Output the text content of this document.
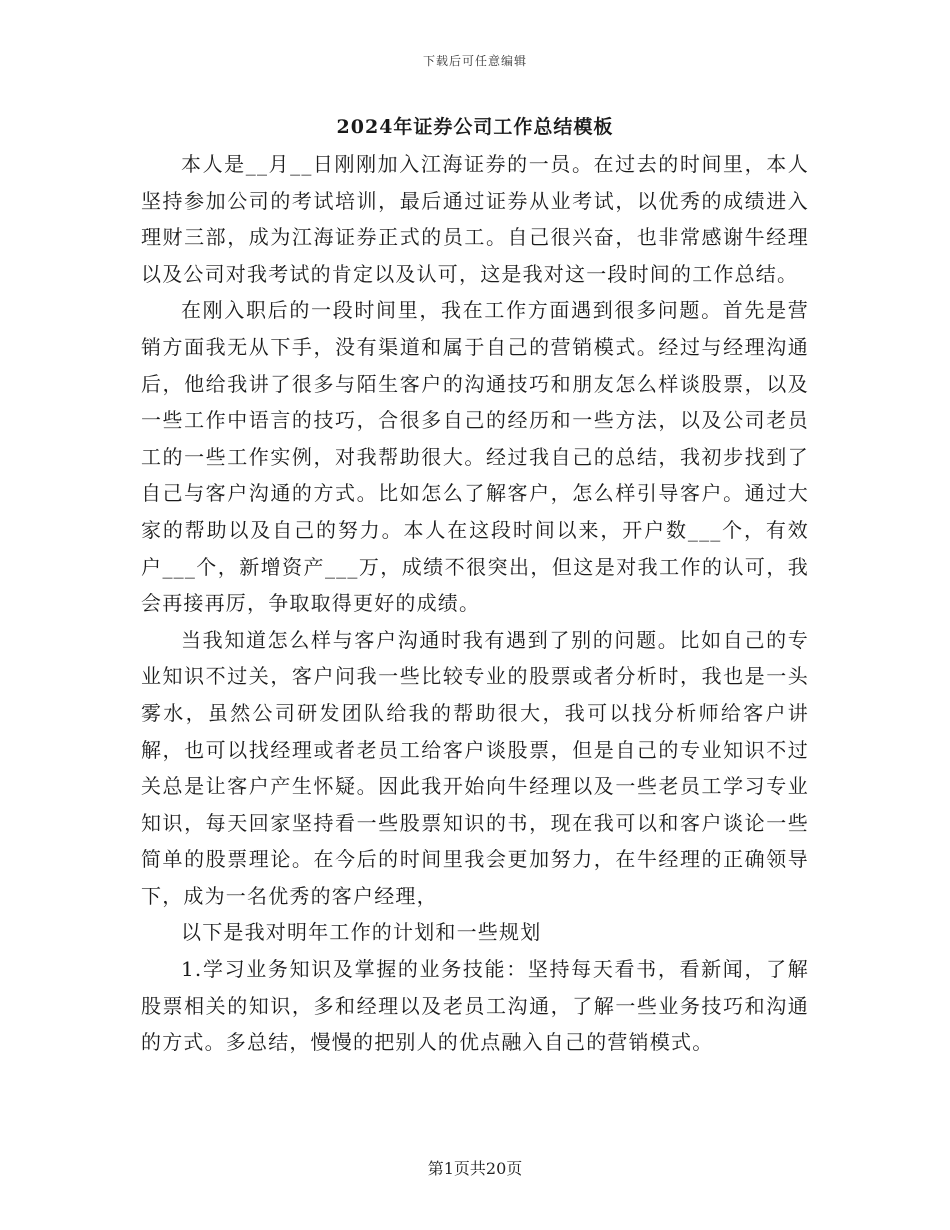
下载后可任意编辑
2024年证券公司工作总结模板

本人是__月__日刚刚加入江海证券的一员。在过去的时间里，本人坚持参加公司的考试培训，最后通过证券从业考试，以优秀的成绩进入理财三部，成为江海证券正式的员工。自己很兴奋，也非常感谢牛经理以及公司对我考试的肯定以及认可，这是我对这一段时间的工作总结。

在刚入职后的一段时间里，我在工作方面遇到很多问题。首先是营销方面我无从下手，没有渠道和属于自己的营销模式。经过与经理沟通后，他给我讲了很多与陌生客户的沟通技巧和朋友怎么样谈股票，以及一些工作中语言的技巧，合很多自己的经历和一些方法，以及公司老员工的一些工作实例，对我帮助很大。经过我自己的总结，我初步找到了自己与客户沟通的方式。比如怎么了解客户，怎么样引导客户。通过大家的帮助以及自己的努力。本人在这段时间以来，开户数___个，有效户___个，新增资产___万，成绩不很突出，但这是对我工作的认可，我会再接再厉，争取取得更好的成绩。

当我知道怎么样与客户沟通时我有遇到了别的问题。比如自己的专业知识不过关，客户问我一些比较专业的股票或者分析时，我也是一头雾水，虽然公司研发团队给我的帮助很大，我可以找分析师给客户讲解，也可以找经理或者老员工给客户谈股票，但是自己的专业知识不过关总是让客户产生怀疑。因此我开始向牛经理以及一些老员工学习专业知识，每天回家坚持看一些股票知识的书，现在我可以和客户谈论一些简单的股票理论。在今后的时间里我会更加努力，在牛经理的正确领导下，成为一名优秀的客户经理，

以下是我对明年工作的计划和一些规划

1.学习业务知识及掌握的业务技能：坚持每天看书，看新闻，了解股票相关的知识，多和经理以及老员工沟通，了解一些业务技巧和沟通的方式。多总结，慢慢的把别人的优点融入自己的营销模式。

第1页共20页
